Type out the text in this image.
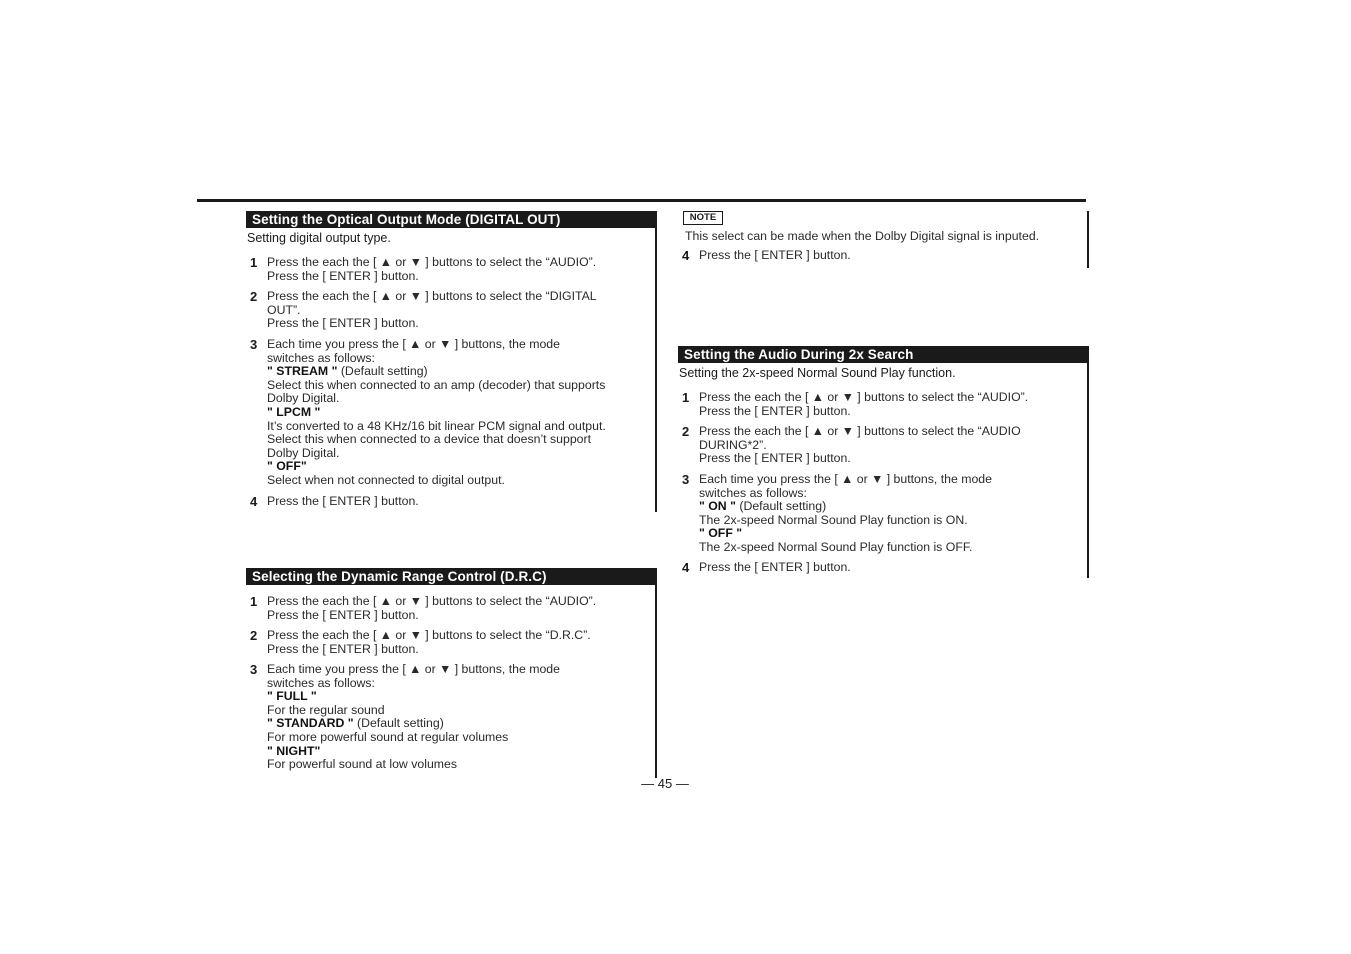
Setting the Optical Output Mode (DIGITAL OUT)
Setting digital output type.
1 Press the each the [ ▲ or ▼ ] buttons to select the “AUDIO”.
Press the [ ENTER ] button.
2 Press the each the [ ▲ or ▼ ] buttons to select the “DIGITAL
OUT”.
Press the [ ENTER ] button.
3 Each time you press the [ ▲ or ▼ ] buttons, the mode
switches as follows:
" STREAM " (Default setting)
Select this when connected to an amp (decoder) that supports
Dolby Digital.
" LPCM "
It’s converted to a 48 KHz/16 bit linear PCM signal and output.
Select this when connected to a device that doesn’t support
Dolby Digital.
" OFF"
Select when not connected to digital output.
4 Press the [ ENTER ] button.
Selecting the Dynamic Range Control (D.R.C)
1 Press the each the [ ▲ or ▼ ] buttons to select the “AUDIO”.
Press the [ ENTER ] button.
2 Press the each the [ ▲ or ▼ ] buttons to select the “D.R.C”.
Press the [ ENTER ] button.
3 Each time you press the [ ▲ or ▼ ] buttons, the mode
switches as follows:
" FULL "
For the regular sound
" STANDARD " (Default setting)
For more powerful sound at regular volumes
" NIGHT"
For powerful sound at low volumes
NOTE
This select can be made when the Dolby Digital signal is inputed.
4 Press the [ ENTER ] button.
Setting the Audio During 2x Search
Setting the 2x-speed Normal Sound Play function.
1 Press the each the [ ▲ or ▼ ] buttons to select the “AUDIO”.
Press the [ ENTER ] button.
2 Press the each the [ ▲ or ▼ ] buttons to select the “AUDIO
DURING*2”.
Press the [ ENTER ] button.
3 Each time you press the [ ▲ or ▼ ] buttons, the mode
switches as follows:
" ON " (Default setting)
The 2x-speed Normal Sound Play function is ON.
" OFF "
The 2x-speed Normal Sound Play function is OFF.
4 Press the [ ENTER ] button.
— 45 —
